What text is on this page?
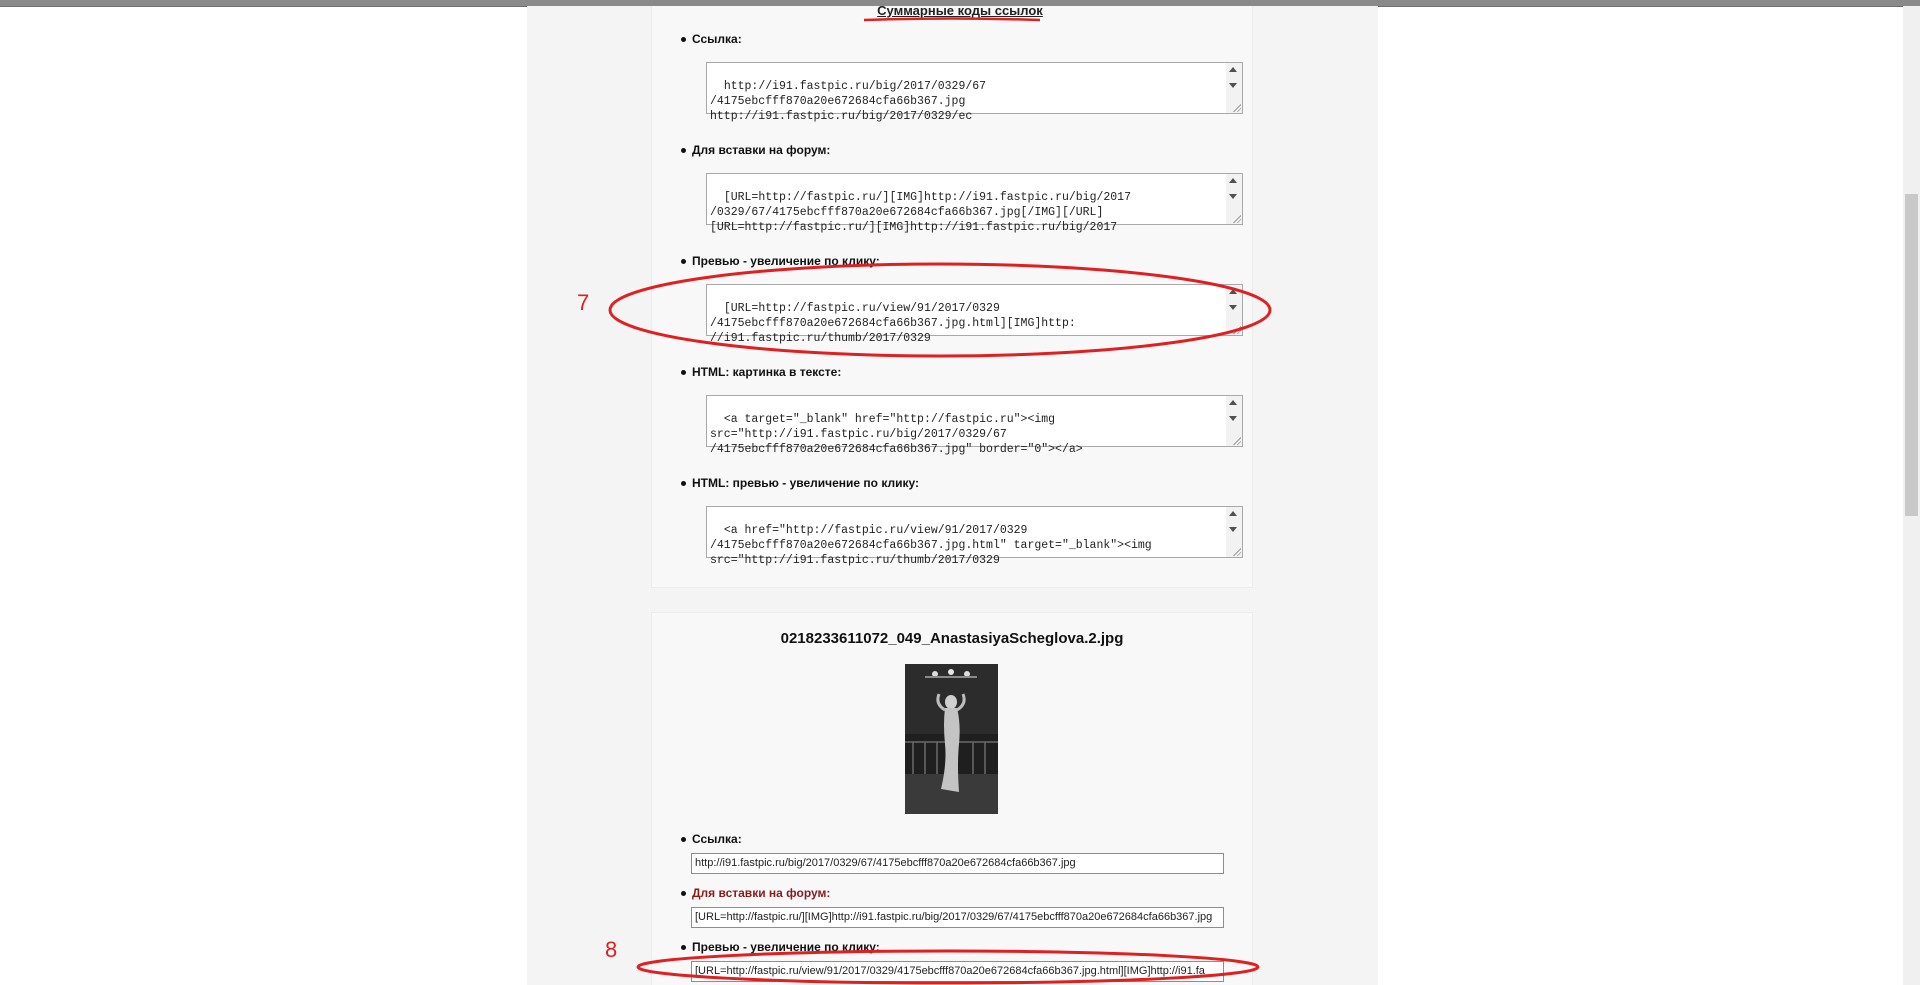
Суммарные коды ссылок
Ссылка:

http://i91.fastpic.ru/big/2017/0329/67
/4175ebcfff870a20e672684cfa66b367.jpg
http://i91.fastpic.ru/big/2017/0329/ec

Для вставки на форум:

[URL=http://fastpic.ru/][IMG]http://i91.fastpic.ru/big/2017
/0329/67/4175ebcfff870a20e672684cfa66b367.jpg[/IMG][/URL]
[URL=http://fastpic.ru/][IMG]http://i91.fastpic.ru/big/2017

Превью - увеличение по клику:

[URL=http://fastpic.ru/view/91/2017/0329
/4175ebcfff870a20e672684cfa66b367.jpg.html][IMG]http:
//i91.fastpic.ru/thumb/2017/0329

HTML: картинка в тексте:

<a target="_blank" href="http://fastpic.ru"><img
src="http://i91.fastpic.ru/big/2017/0329/67
/4175ebcfff870a20e672684cfa66b367.jpg" border="0"></a>

HTML: превью - увеличение по клику:

<a href="http://fastpic.ru/view/91/2017/0329
/4175ebcfff870a20e672684cfa66b367.jpg.html" target="_blank"><img
src="http://i91.fastpic.ru/thumb/2017/0329

7
0218233611072_049_AnastasiyaScheglova.2.jpg
Ссылка:
http://i91.fastpic.ru/big/2017/0329/67/4175ebcfff870a20e672684cfa66b367.jpg
Для вставки на форум:
[URL=http://fastpic.ru/][IMG]http://i91.fastpic.ru/big/2017/0329/67/4175ebcfff870a20e672684cfa66b367.jpg
Превью - увеличение по клику:
[URL=http://fastpic.ru/view/91/2017/0329/4175ebcfff870a20e672684cfa66b367.jpg.html][IMG]http://i91.fa
8
